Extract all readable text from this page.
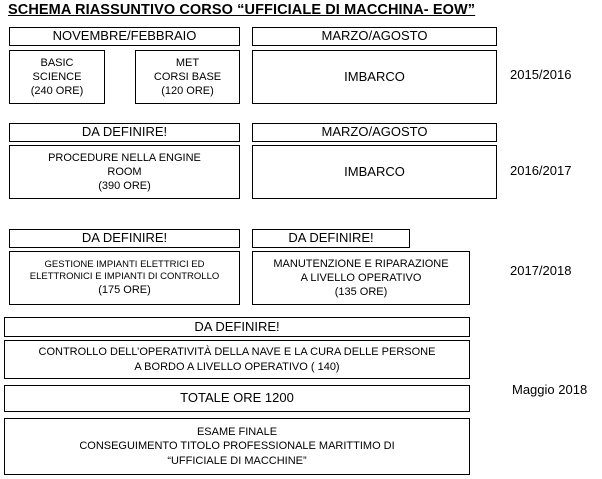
SCHEMA RIASSUNTIVO CORSO “UFFICIALE DI MACCHINA- EOW”
NOVEMBRE/FEBBRAIO	MARZO/AGOSTO
BASIC
SCIENCE
(240 ORE)
MET
CORSI BASE
(120 ORE)
IMBARCO	2015/2016
DA DEFINIRE!	MARZO/AGOSTO
PROCEDURE NELLA ENGINE
ROOM
(390 ORE)
IMBARCO	2016/2017
DA DEFINIRE!	DA DEFINIRE!
GESTIONE IMPIANTI ELETTRICI ED
ELETTRONICI E IMPIANTI DI CONTROLLO
(175 ORE)
MANUTENZIONE E RIPARAZIONE
A LIVELLO OPERATIVO
(135 ORE)
2017/2018
DA DEFINIRE!
CONTROLLO DELL’OPERATIVITÀ DELLA NAVE E LA CURA DELLE PERSONE
A BORDO A LIVELLO OPERATIVO ( 140)
TOTALE ORE 1200
Maggio 2018
ESAME FINALE
CONSEGUIMENTO TITOLO PROFESSIONALE MARITTIMO DI
“UFFICIALE DI MACCHINE”
